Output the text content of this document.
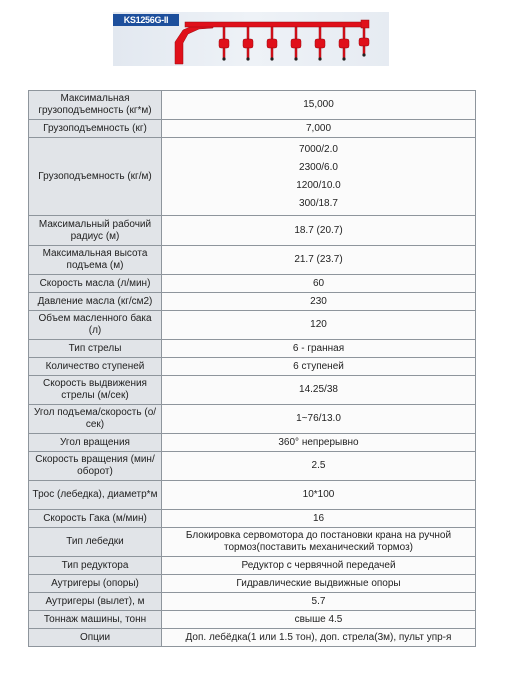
KS1256G-II
Максимальная грузоподъемность (кг*м)	15,000
Грузоподъемность (кг)	7,000
Грузоподъемность (кг/м)	7000/2.0
2300/6.0
1200/10.0
300/18.7

Максимальный рабочий радиус (м)	18.7 (20.7)
Максимальная высота подъема (м)	21.7 (23.7)
Скорость масла (л/мин)	60
Давление масла (кг/см2)	230
Объем масленного бака (л)	120
Тип стрелы	6 - гранная
Количество ступеней	6 ступеней
Скорость выдвижения стрелы (м/сек)	14.25/38
Угол подъема/скорость (о/сек)	1~76/13.0
Угол вращения	360° непрерывно
Скорость вращения (мин/оборот)	2.5
Трос (лебедка), диаметр*м	10*100
Скорость Гака (м/мин)	16
Тип лебедки	Блокировка сервомотора до постановки крана на ручной тормоз(поставить механический тормоз)
Тип редуктора	Редуктор с червячной передачей
Аутригеры (опоры)	Гидравлические выдвижные опоры
Аутригеры (вылет), м	5.7
Тоннаж машины, тонн	свыше 4.5
Опции	Доп. лебёдка(1 или 1.5 тон), доп. стрела(3м), пульт упр-я
